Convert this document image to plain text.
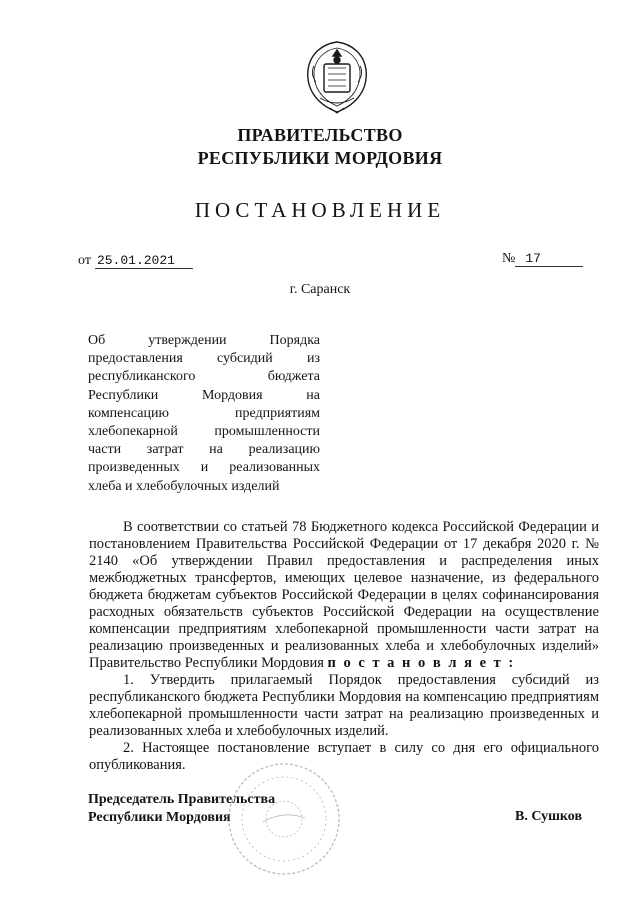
ПРАВИТЕЛЬСТВО
РЕСПУБЛИКИ МОРДОВИЯ
ПОСТАНОВЛЕНИЕ
от 25.01.2021	№ 17
г. Саранск
Об утверждении Порядка предоставления субсидий из республиканского бюджета Республики Мордовия на компенсацию предприятиям хлебопекарной промышленности части затрат на реализацию произведенных и реализованных хлеба и хлебобулочных изделий

В соответствии со статьей 78 Бюджетного кодекса Российской Федерации и постановлением Правительства Российской Федерации от 17 декабря 2020 г. № 2140 «Об утверждении Правил предоставления и распределения иных межбюджетных трансфертов, имеющих целевое назначение, из федерального бюджета бюджетам субъектов Российской Федерации в целях софинансирования расходных обязательств субъектов Российской Федерации на осуществление компенсации предприятиям хлебопекарной промышленности части затрат на реализацию произведенных и реализованных хлеба и хлебобулочных изделий» Правительство Республики Мордовия п о с т а н о в л я е т :

1. Утвердить прилагаемый Порядок предоставления субсидий из республиканского бюджета Республики Мордовия на компенсацию предприятиям хлебопекарной промышленности части затрат на реализацию произведенных и реализованных хлеба и хлебобулочных изделий.

2. Настоящее постановление вступает в силу со дня его официального опубликования.

Председатель Правительства
Республики Мордовия	В. Сушков
